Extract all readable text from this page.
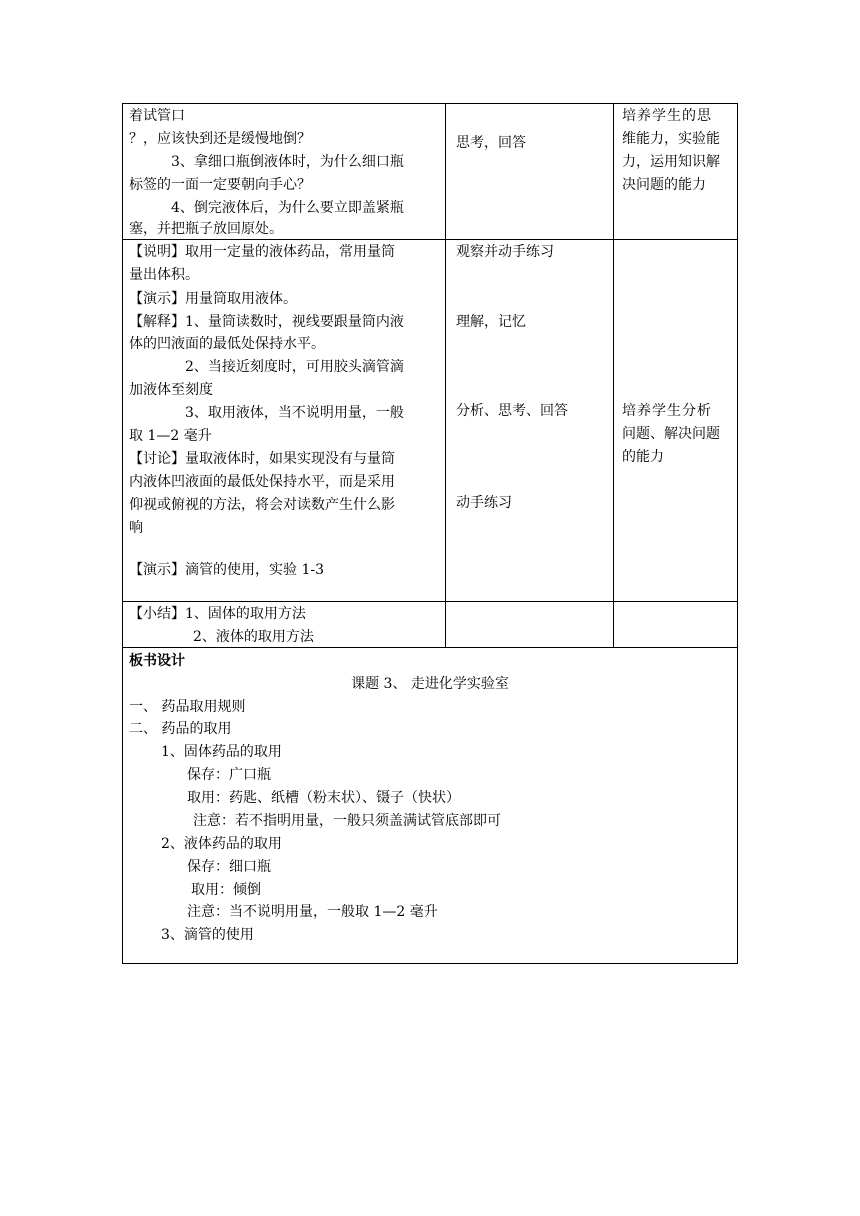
着试管口
？，应该快到还是缓慢地倒？
3、拿细口瓶倒液体时，为什么细口瓶
标签的一面一定要朝向手心？
4、倒完液体后，为什么要立即盖紧瓶
塞，并把瓶子放回原处。
思考，回答
培养学生的思
维能力，实验能
力，运用知识解
决问题的能力
【说明】取用一定量的液体药品，常用量筒
量出体积。
【演示】用量筒取用液体。
【解释】1、量筒读数时，视线要跟量筒内液
体的凹液面的最低处保持水平。
2、当接近刻度时，可用胶头滴管滴
加液体至刻度
3、取用液体，当不说明用量，一般
取 1—2 毫升
【讨论】量取液体时，如果实现没有与量筒
内液体凹液面的最低处保持水平，而是采用
仰视或俯视的方法，将会对读数产生什么影
响
【演示】滴管的使用，实验 1-3
观察并动手练习
理解，记忆
分析、思考、回答
动手练习
培养学生分析
问题、解决问题
的能力
【小结】1、固体的取用方法
2、液体的取用方法
板书设计
课题 3、 走进化学实验室
一、 药品取用规则
二、 药品的取用
1、固体药品的取用
保存：广口瓶
取用：药匙、纸槽（粉末状）、镊子（快状）
注意：若不指明用量，一般只须盖满试管底部即可
2、液体药品的取用
保存：细口瓶
取用：倾倒
注意：当不说明用量，一般取 1—2 毫升
3、滴管的使用
